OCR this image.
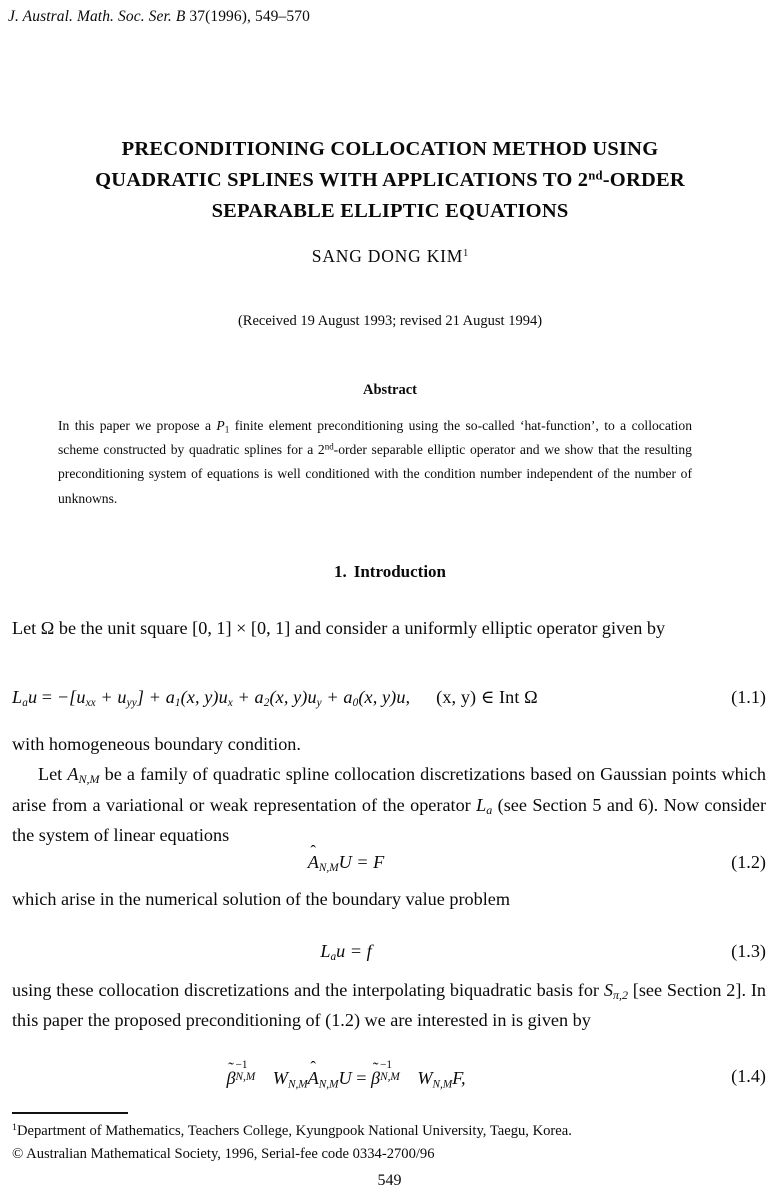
J. Austral. Math. Soc. Ser. B 37(1996), 549–570
PRECONDITIONING COLLOCATION METHOD USING
QUADRATIC SPLINES WITH APPLICATIONS TO 2nd-ORDER
SEPARABLE ELLIPTIC EQUATIONS
SANG DONG KIM$^1$
(Received 19 August 1993; revised 21 August 1994)
Abstract
In this paper we propose a $P_1$ finite element preconditioning using the so-called ‘hat-function’, to a collocation scheme constructed by quadratic splines for a 2nd-order separable elliptic operator and we show that the resulting preconditioning system of equations is well conditioned with the condition number independent of the number of unknowns.
1. Introduction
Let Ω be the unit square [0, 1] × [0, 1] and consider a uniformly elliptic operator given by
$L_au = -[u_{xx} + u_{yy}] + a_1(x$, $y)u_x + a_2(x$, $y)u_y + a_0(x$, y)u, (x, y) ∈ Int Ω	(1.1)
with homogeneous boundary condition.
Let $A_{N,M}$ be a family of quadratic spline collocation discretizations based on Gaussian points which arise from a variational or weak representation of the operator $L_a$ (see Section 5 and 6). Now consider the system of linear equations
ˆ $A_{N,M}U = F$	(1.2)
which arise in the numerical solution of the boundary value problem
$L_au = f$	(1.3)
using these collocation discretizations and the interpolating biquadratic basis for $S_{\pi,2}$ [see Section 2]. In this paper the proposed preconditioning of (1.2) we are interested in is given by
˜ β
−1
N,M $W_{N,M}ˆ$ $A_{N,M}U$ = ˜ β
−1
N,M $W_{N,M}F$,	(1.4)
$^1$Department of Mathematics, Teachers College, Kyungpook National University, Taegu, Korea.
© Australian Mathematical Society, 1996, Serial-fee code 0334-2700/96
549
